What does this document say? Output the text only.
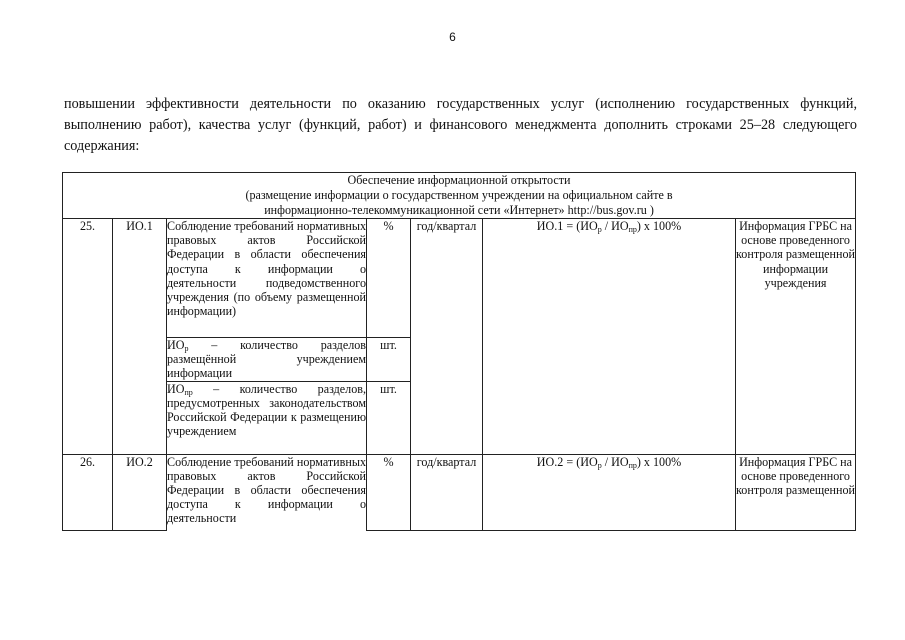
6
повышении эффективности деятельности по оказанию государственных услуг (исполнению государственных функций, выполнению работ), качества услуг (функций, работ) и финансового менеджмента дополнить строками 25–28 следующего содержания:
Обеспечение информационной открытости
(размещение информации о государственном учреждении на официальном сайте в
информационно-телекоммуникационной сети «Интернет» http://bus.gov.ru )						

25.	ИО.1	Соблюдение требований нормативных правовых актов Российской Федерации в области обеспечения доступа к информации о деятельности подведомственного учреждения (по объему размещенной информации)	%	год/квартал	$ИО.1 = (ИО_р / ИО_{пр})$ х 100%	Информация ГРБС на основе проведенного контроля размещенной информации учреждения
		$ИО_р$ – количество разделов размещённой учреждением информации	шт.			
		$ИО_{пр}$ – количество разделов, предусмотренных законодательством Российской Федерации к размещению учреждением	шт.			
26.	ИО.2	Соблюдение требований нормативных правовых актов Российской Федерации в области обеспечения доступа к информации о деятельности	%	год/квартал	$ИО.2 = (ИО_р / ИО_{пр})$ х 100%	Информация ГРБС на основе проведенного контроля размещенной
